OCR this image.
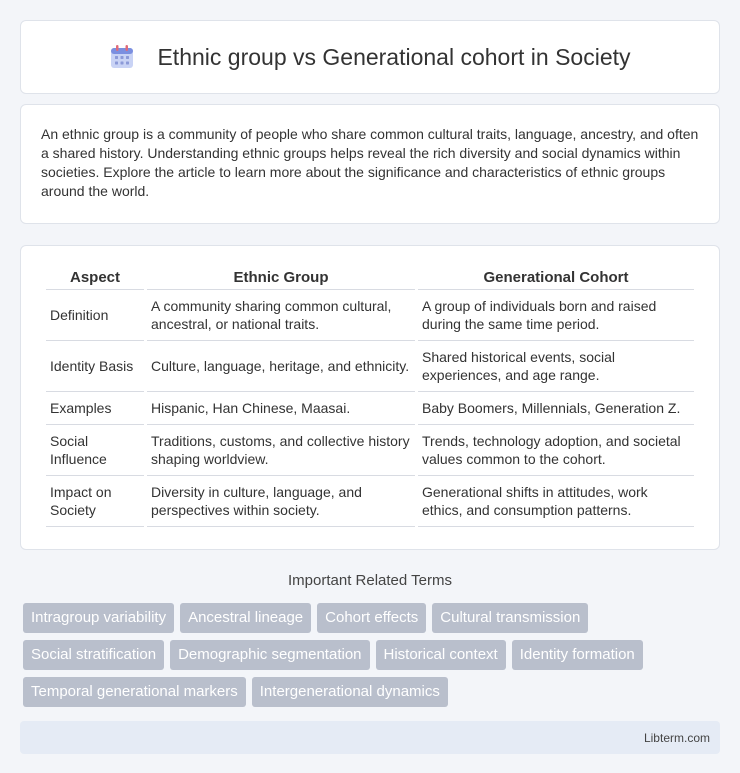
Ethnic group vs Generational cohort in Society

An ethnic group is a community of people who share common cultural traits, language, ancestry, and often a shared history. Understanding ethnic groups helps reveal the rich diversity and social dynamics within societies. Explore the article to learn more about the significance and characteristics of ethnic groups around the world.

Aspect	Ethnic Group	Generational Cohort
Definition	A community sharing common cultural, ancestral, or national traits.	A group of individuals born and raised during the same time period.
Identity Basis	Culture, language, heritage, and ethnicity.	Shared historical events, social experiences, and age range.
Examples	Hispanic, Han Chinese, Maasai.	Baby Boomers, Millennials, Generation Z.
Social Influence	Traditions, customs, and collective history shaping worldview.	Trends, technology adoption, and societal values common to the cohort.
Impact on Society	Diversity in culture, language, and perspectives within society.	Generational shifts in attitudes, work ethics, and consumption patterns.
Important Related Terms
Intragroup variability	Ancestral lineage	Cohort effects	Cultural transmission
Social stratification	Demographic segmentation	Historical context	Identity formation
Temporal generational markers	Intergenerational dynamics
Libterm.com
